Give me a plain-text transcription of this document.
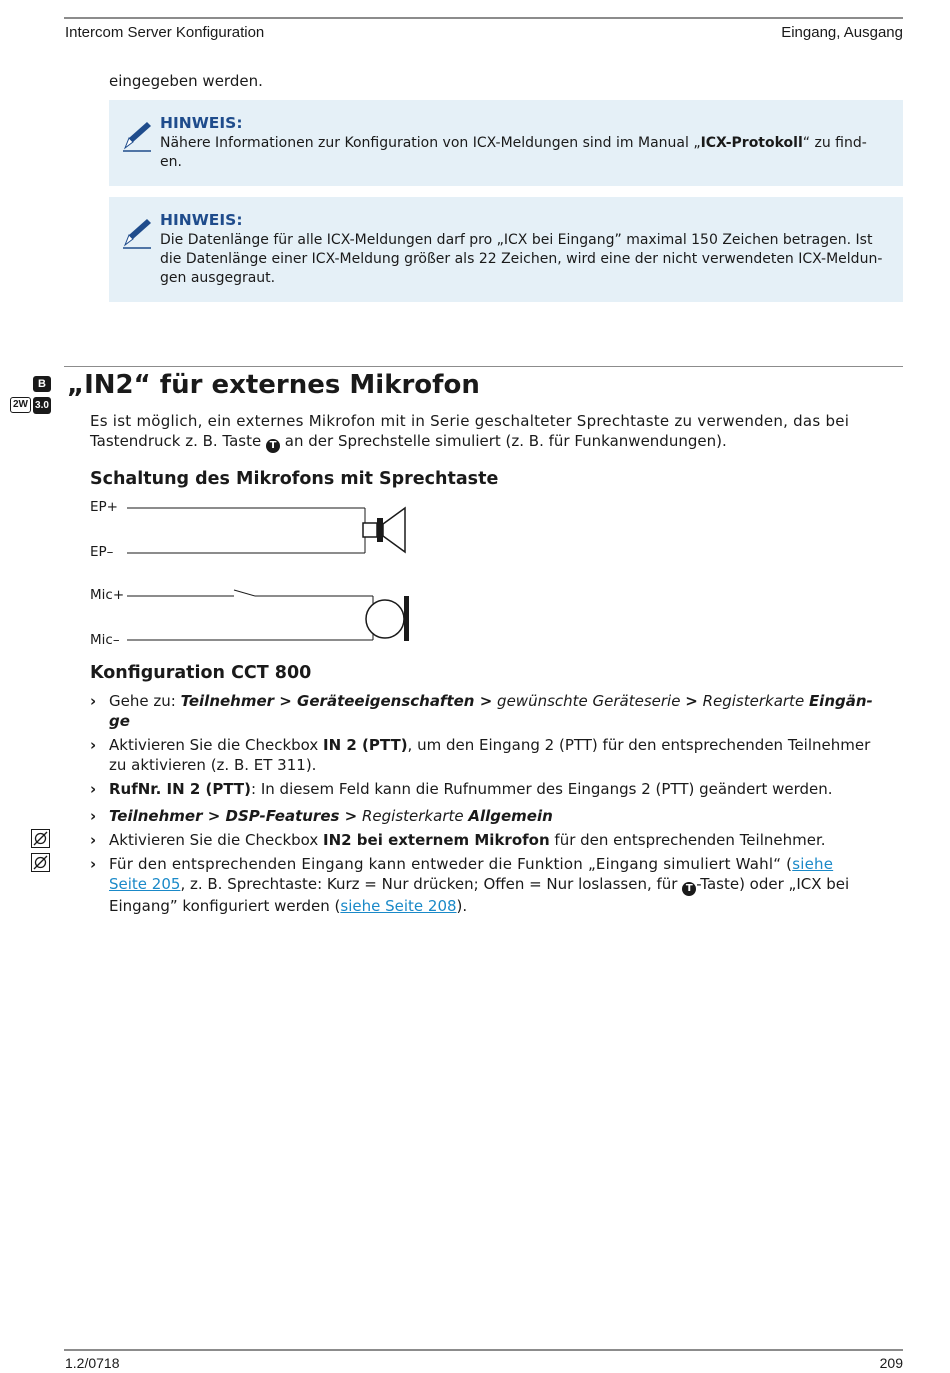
Intercom Server Konfiguration	Eingang, Ausgang
eingegeben werden.
HINWEIS:
Nähere Informationen zur Konfiguration von ICX-Meldungen sind im Manual „ICX-Protokoll“ zu find-
en.
HINWEIS:
Die Datenlänge für alle ICX-Meldungen darf pro „ICX bei Eingang” maximal 150 Zeichen betragen. Ist
die Datenlänge einer ICX-Meldung größer als 22 Zeichen, wird eine der nicht verwendeten ICX-Meldun-
gen ausgegraut.
B
2W 3.0
„IN2“ für externes Mikrofon
Es ist möglich, ein externes Mikrofon mit in Serie geschalteter Sprechtaste zu verwenden, das bei
Tastendruck z. B. Taste T an der Sprechstelle simuliert (z. B. für Funkanwendungen).
Schaltung des Mikrofons mit Sprechtaste
EP+
EP–
Mic+
Mic–
Konfiguration CCT 800
› Gehe zu: Teilnehmer > Geräteeigenschaften > gewünschte Geräteserie > Registerkarte Eingän-
ge
› Aktivieren Sie die Checkbox IN 2 (PTT), um den Eingang 2 (PTT) für den entsprechenden Teilnehmer
zu aktivieren (z. B. ET 311).
› RufNr. IN 2 (PTT): In diesem Feld kann die Rufnummer des Eingangs 2 (PTT) geändert werden.
› Teilnehmer > DSP-Features > Registerkarte Allgemein
› Aktivieren Sie die Checkbox IN2 bei externem Mikrofon für den entsprechenden Teilnehmer.
› Für den entsprechenden Eingang kann entweder die Funktion „Eingang simuliert Wahl“ (siehe
Seite 205, z. B. Sprechtaste: Kurz = Nur drücken; Offen = Nur loslassen, für T -Taste) oder „ICX bei
Eingang” konfiguriert werden (siehe Seite 208).
1.2/0718	209
